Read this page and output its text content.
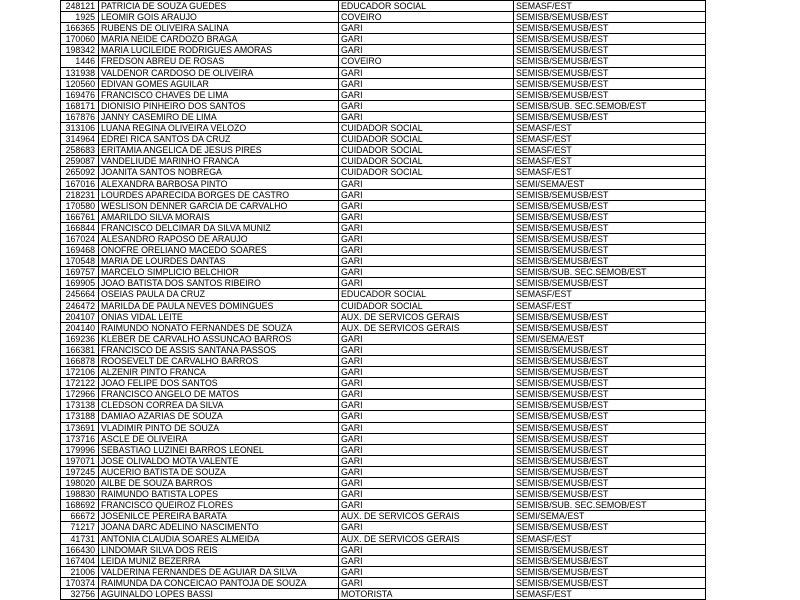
248121	PATRICIA DE SOUZA GUEDES	EDUCADOR SOCIAL	SEMASF/EST
1925	LEOMIR GOIS ARAUJO	COVEIRO	SEMISB/SEMUSB/EST
166365	RUBENS DE OLIVEIRA SALINA	GARI	SEMISB/SEMUSB/EST
170060	MARIA NEIDE CARDOZO BRAGA	GARI	SEMISB/SEMUSB/EST
198342	MARIA LUCILEIDE RODRIGUES AMORAS	GARI	SEMISB/SEMUSB/EST
1446	FREDSON ABREU DE ROSAS	COVEIRO	SEMISB/SEMUSB/EST
131938	VALDENOR CARDOSO DE OLIVEIRA	GARI	SEMISB/SEMUSB/EST
120560	EDIVAN GOMES AGUILAR	GARI	SEMISB/SEMUSB/EST
169476	FRANCISCO CHAVES DE LIMA	GARI	SEMISB/SEMUSB/EST
168171	DIONISIO PINHEIRO DOS SANTOS	GARI	SEMISB/SUB. SEC.SEMOB/EST
167876	JANNY CASEMIRO DE LIMA	GARI	SEMISB/SEMUSB/EST
313106	LUANA REGINA OLIVEIRA VELOZO	CUIDADOR SOCIAL	SEMASF/EST
314964	EDREI RICA SANTOS DA CRUZ	CUIDADOR SOCIAL	SEMASF/EST
258683	ERITAMIA ANGELICA DE JESUS PIRES	CUIDADOR SOCIAL	SEMASF/EST
259087	VANDELIUDE MARINHO FRANCA	CUIDADOR SOCIAL	SEMASF/EST
265092	JOANITA SANTOS NOBREGA	CUIDADOR SOCIAL	SEMASF/EST
167016	ALEXANDRA BARBOSA PINTO	GARI	SEMI/SEMA/EST
218231	LOURDES APARECIDA BORGES DE CASTRO	GARI	SEMISB/SEMUSB/EST
170580	WESLISON DENNER GARCIA DE CARVALHO	GARI	SEMISB/SEMUSB/EST
166761	AMARILDO SILVA MORAIS	GARI	SEMISB/SEMUSB/EST
166844	FRANCISCO DELCIMAR DA SILVA MUNIZ	GARI	SEMISB/SEMUSB/EST
167024	ALESANDRO RAPOSO DE ARAUJO	GARI	SEMISB/SEMUSB/EST
169468	ONOFRE ORELIANO MACEDO SOARES	GARI	SEMISB/SEMUSB/EST
170548	MARIA DE LOURDES DANTAS	GARI	SEMISB/SEMUSB/EST
169757	MARCELO SIMPLICIO BELCHIOR	GARI	SEMISB/SUB. SEC.SEMOB/EST
169905	JOAO BATISTA DOS SANTOS RIBEIRO	GARI	SEMISB/SEMUSB/EST
245664	OSEIAS PAULA DA CRUZ	EDUCADOR SOCIAL	SEMASF/EST
246472	MARILDA DE PAULA NEVES DOMINGUES	CUIDADOR SOCIAL	SEMASF/EST
204107	ONIAS VIDAL LEITE	AUX. DE SERVICOS GERAIS	SEMISB/SEMUSB/EST
204140	RAIMUNDO NONATO FERNANDES DE SOUZA	AUX. DE SERVICOS GERAIS	SEMISB/SEMUSB/EST
169236	KLEBER DE CARVALHO ASSUNCAO BARROS	GARI	SEMI/SEMA/EST
166381	FRANCISCO DE ASSIS SANTANA PASSOS	GARI	SEMISB/SEMUSB/EST
166878	ROOSEVELT DE CARVALHO BARROS	GARI	SEMISB/SEMUSB/EST
172106	ALZENIR PINTO FRANCA	GARI	SEMISB/SEMUSB/EST
172122	JOAO FELIPE DOS SANTOS	GARI	SEMISB/SEMUSB/EST
172966	FRANCISCO ANGELO DE MATOS	GARI	SEMISB/SEMUSB/EST
173138	CLEDSON CORREA DA SILVA	GARI	SEMISB/SEMUSB/EST
173188	DAMIAO AZARIAS DE SOUZA	GARI	SEMISB/SEMUSB/EST
173691	VLADIMIR PINTO DE SOUZA	GARI	SEMISB/SEMUSB/EST
173716	ASCLE DE OLIVEIRA	GARI	SEMISB/SEMUSB/EST
179996	SEBASTIAO LUZINEI BARROS LEONEL	GARI	SEMISB/SEMUSB/EST
197071	JOSE OLIVALDO MOTA VALENTE	GARI	SEMISB/SEMUSB/EST
197245	AUCERIO BATISTA DE SOUZA	GARI	SEMISB/SEMUSB/EST
198020	AILBE DE SOUZA BARROS	GARI	SEMISB/SEMUSB/EST
198830	RAIMUNDO BATISTA LOPES	GARI	SEMISB/SEMUSB/EST
168692	FRANCISCO QUEIROZ FLORES	GARI	SEMISB/SUB. SEC.SEMOB/EST
66672	JOSENILCE PEREIRA BARATA	AUX. DE SERVICOS GERAIS	SEMI/SEMA/EST
71217	JOANA DARC ADELINO NASCIMENTO	GARI	SEMISB/SEMUSB/EST
41731	ANTONIA CLAUDIA SOARES ALMEIDA	AUX. DE SERVICOS GERAIS	SEMASF/EST
166430	LINDOMAR SILVA DOS REIS	GARI	SEMISB/SEMUSB/EST
167404	LEIDA MUNIZ BEZERRA	GARI	SEMISB/SEMUSB/EST
21006	VALDERINA FERNANDES DE AGUIAR DA SILVA	GARI	SEMISB/SEMUSB/EST
170374	RAIMUNDA DA CONCEICAO PANTOJA DE SOUZA	GARI	SEMISB/SEMUSB/EST
32756	AGUINALDO LOPES BASSI	MOTORISTA	SEMASF/EST
